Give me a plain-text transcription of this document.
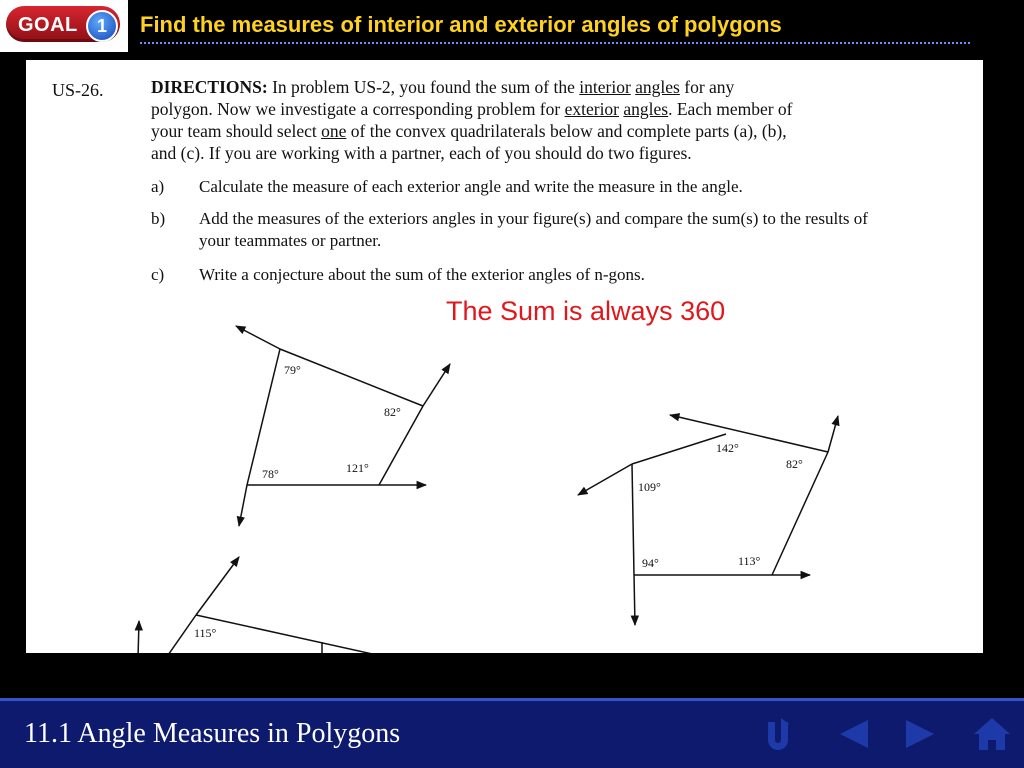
GOAL	1	Find the measures of interior and exterior angles of polygons
US-26.	DIRECTIONS: In problem US-2, you found the sum of the interior angles for any
polygon. Now we investigate a corresponding problem for exterior angles. Each member of
your team should select one of the convex quadrilaterals below and complete parts (a), (b),
and (c). If you are working with a partner, each of you should do two figures.
a) Calculate the measure of each exterior angle and write the measure in the angle.
b) Add the measures of the exteriors angles in your figure(s) and compare the sum(s) to the results of your teammates or partner.
c) Write a conjecture about the sum of the exterior angles of n-gons.
The Sum is always 360
79°
82°
121°
78°
142°
82°
109°
94°	113°
115°
11.1 Angle Measures in Polygons
